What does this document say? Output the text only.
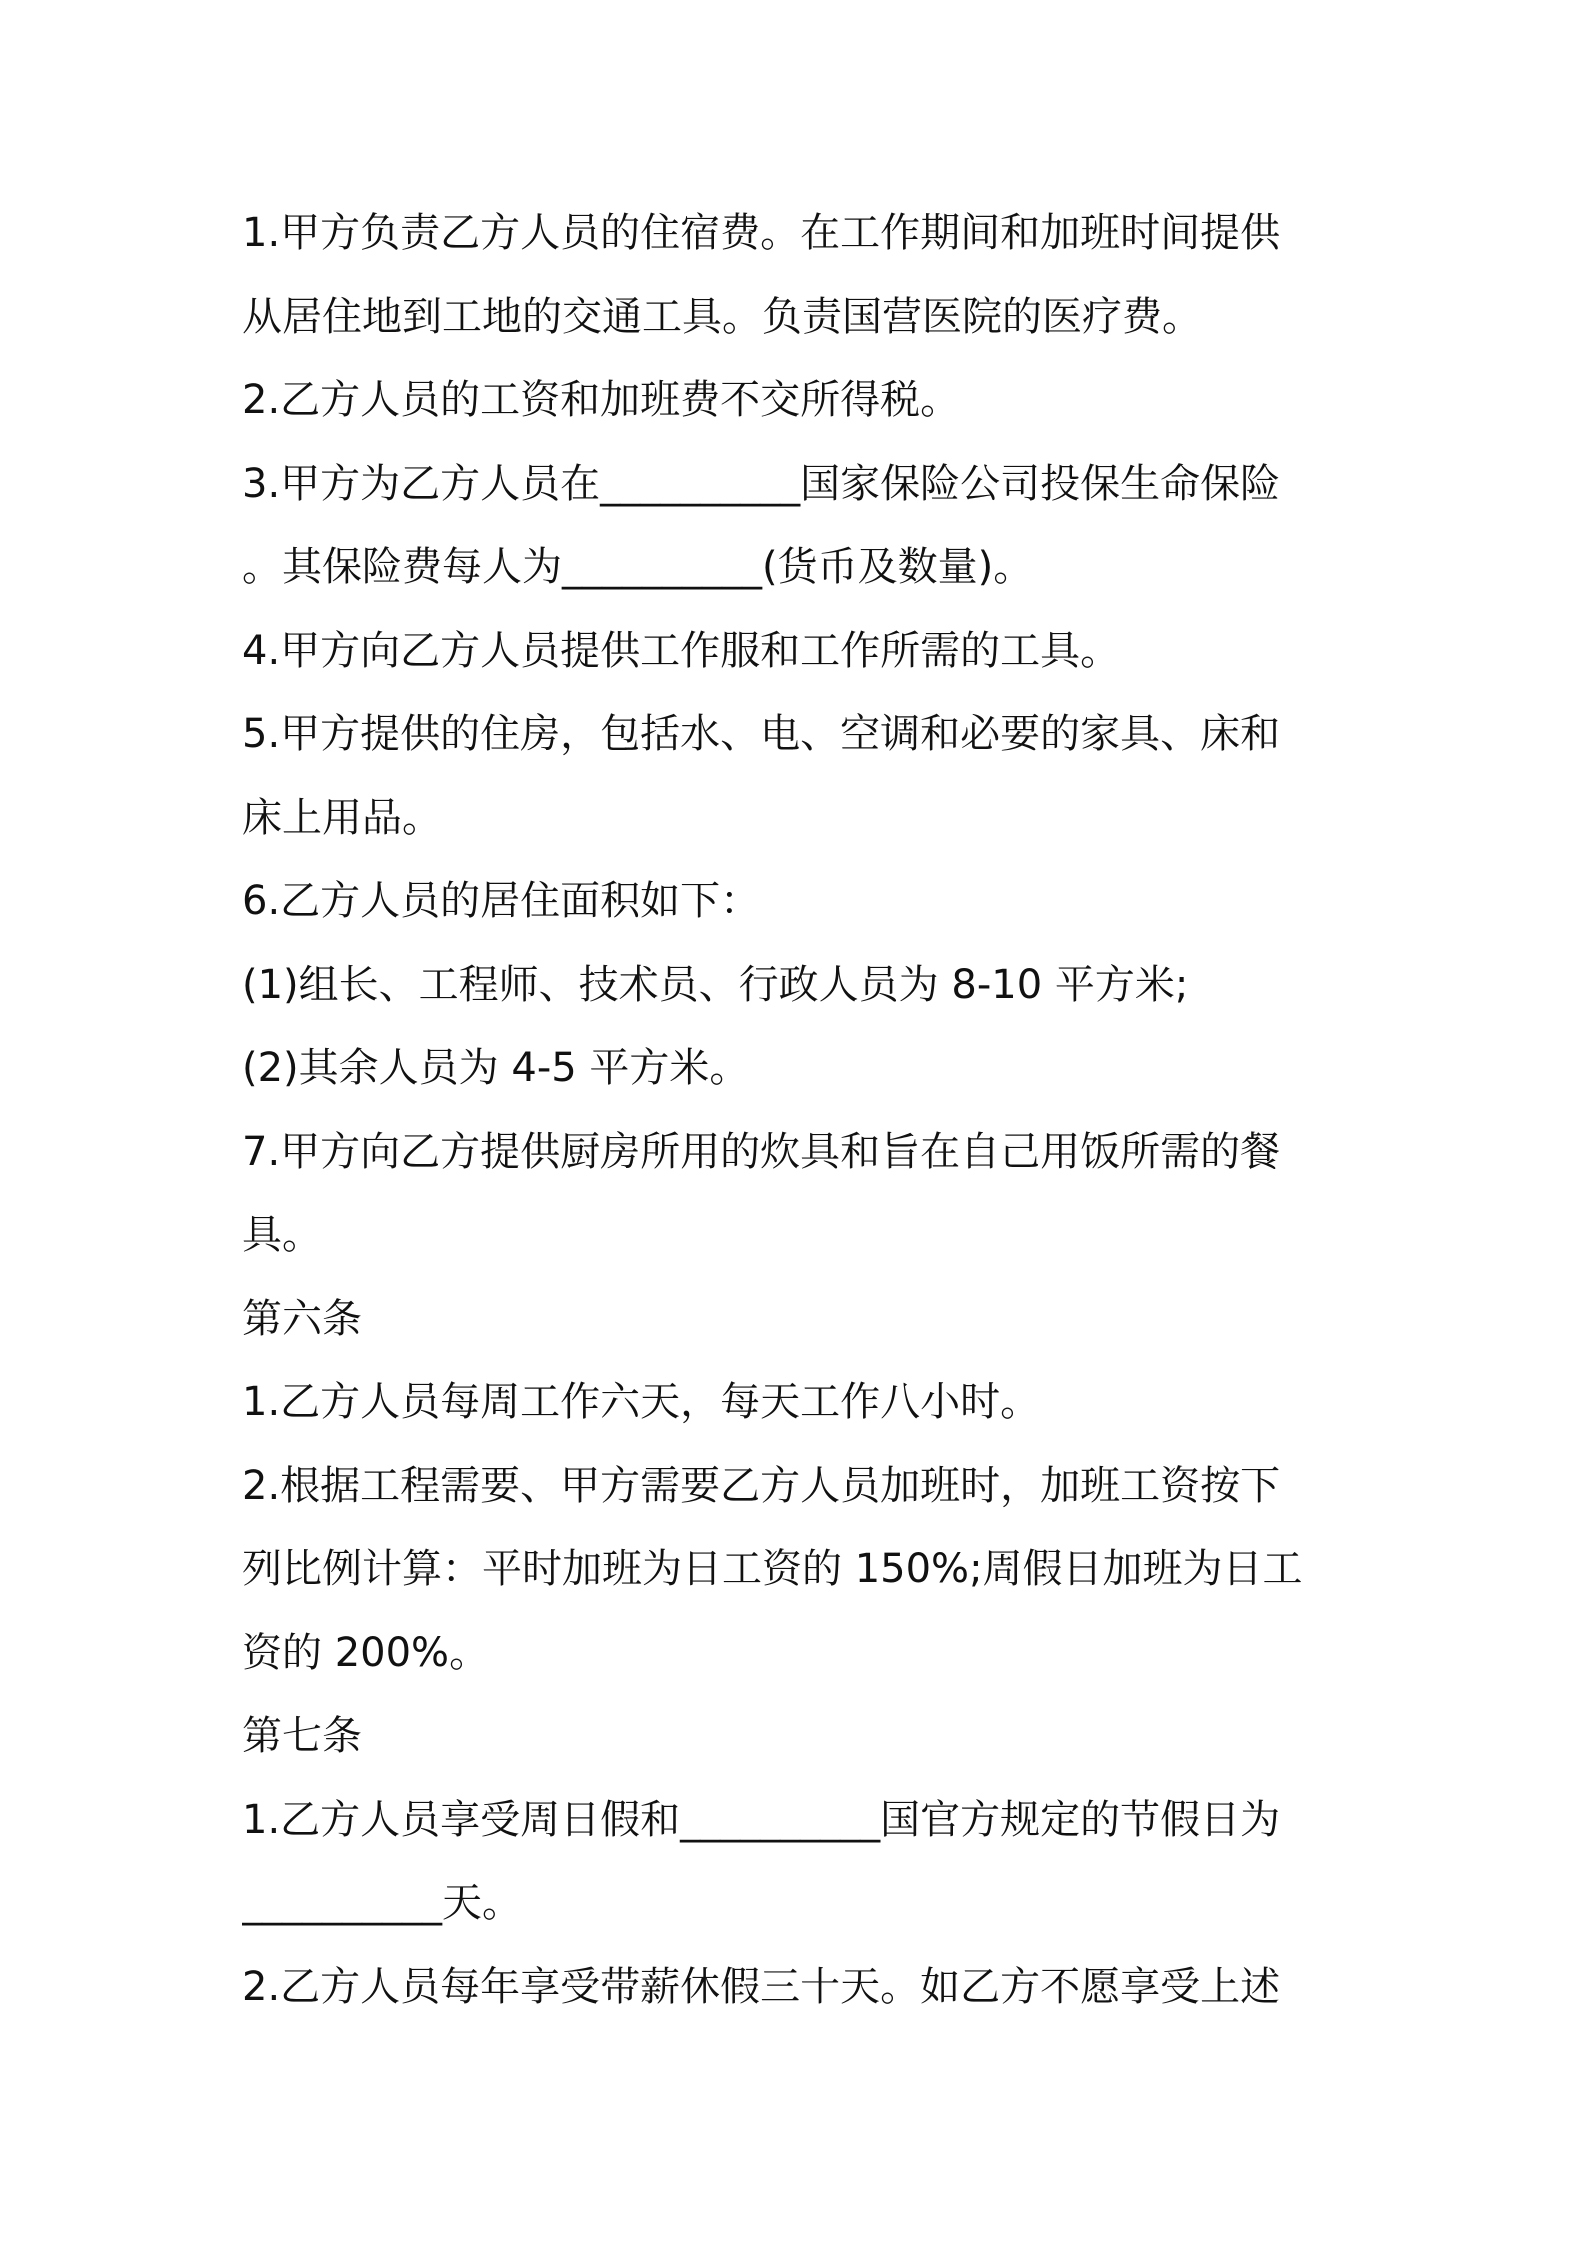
1.甲方负责乙方人员的住宿费。在工作期间和加班时间提供

从居住地到工地的交通工具。负责国营医院的医疗费。

2.乙方人员的工资和加班费不交所得税。

3.甲方为乙方人员在__________国家保险公司投保生命保险

。其保险费每人为__________(货币及数量)。

4.甲方向乙方人员提供工作服和工作所需的工具。

5.甲方提供的住房，包括水、电、空调和必要的家具、床和

床上用品。

6.乙方人员的居住面积如下：

(1)组长、工程师、技术员、行政人员为 8-10 平方米;

(2)其余人员为 4-5 平方米。

7.甲方向乙方提供厨房所用的炊具和旨在自己用饭所需的餐

具。

第六条

1.乙方人员每周工作六天，每天工作八小时。

2.根据工程需要、甲方需要乙方人员加班时，加班工资按下

列比例计算：平时加班为日工资的 150%;周假日加班为日工

资的 200%。

第七条

1.乙方人员享受周日假和__________国官方规定的节假日为

__________天。

2.乙方人员每年享受带薪休假三十天。如乙方不愿享受上述
